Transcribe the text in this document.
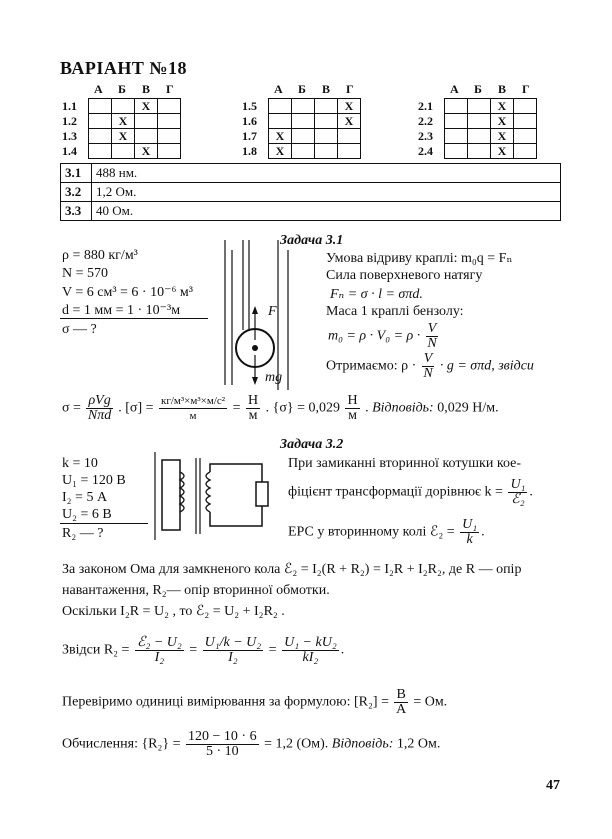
ВАРІАНТ №18
А Б В Г
1.1			X	
1.2		X		
1.3		X		
1.4			X	
А Б В Г
1.5				X
1.6				X
1.7	X			
1.8	X			
А Б В Г
2.1			X	
2.2			X	
2.3			X	
2.4			X	
3.1	488 нм.
3.2	1,2 Ом.
3.3	40 Ом.
Задача 3.1
ρ = 880 кг/м³
N = 570
V = 6 см³ = 6 · 10⁻⁶ м³
d = 1 мм = 1 · 10⁻³м
σ — ?
F
mg
Умова відриву краплі: m₀q = Fₙ
Сила поверхневого натягу
Fₙ = σ · l = σπd.
Маса 1 краплі бензолу:
$m_0 = \rho \cdot V_0 = \rho \cdot \frac{V}{N}$
Отримаємо: $\rho \cdot \frac{V}{N} \cdot g = \sigma\pi d$, звідси
$\sigma = \frac{\text{ρVg}}{\text{Nπd}}$ . $[\sigma] = \frac{\text{кг/м³×м³×м/с²}}{м} = \frac{Н}{м}$ . $\{\sigma\} = 0,029 \frac{Н}{м}$ . Відповідь: 0,029 Н/м.
Задача 3.2
k = 10
U₁ = 120 В
I₂ = 5 А
U₂ = 6 В
R₂ — ?
При замиканні вторинної котушки кое-
фіцієнт трансформації дорівнює $k = \frac{\text{U₁}}{\text{ℰ₂}}$ .
ЕРС у вторинному колі ℰ₂ = $\frac{\text{U₁}}{k}$ .
За законом Ома для замкненого кола ℰ₂ = I₂(R + R₂) = I₂R + I₂R₂, де R — опір
навантаження, R₂— опір вторинної обмотки.
Оскільки I₂R = U₂ , то ℰ₂ = U₂ + I₂R₂ .
Звідси $R_2 = \frac{\text{ℰ₂ − U₂}}{\text{I₂}} = \frac{\text{U₁/k − U₂}}{\text{I₂}} = \frac{\text{U₁ − kU₂}}{\text{kI₂}}$ .
Перевіримо одиниці вимірювання за формулою: $[R_2] = \frac{В}{А}$ = Ом.
Обчислення: $\{R_2\} = \frac{120 - 10 \cdot 6}{5 \cdot 10} = 1,2$ (Ом). Відповідь: 1,2 Ом.
47
